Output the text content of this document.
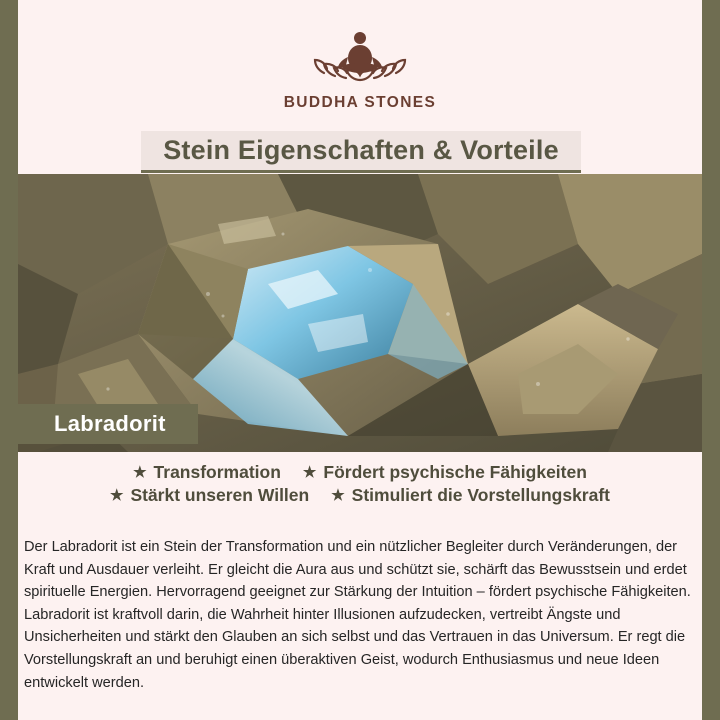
BUDDHA STONES
Stein Eigenschaften & Vorteile
Labradorit
★ Transformation ★ Fördert psychische Fähigkeiten
★ Stärkt unseren Willen ★ Stimuliert die Vorstellungskraft

Der Labradorit ist ein Stein der Transformation und ein nützlicher Begleiter durch Veränderungen, der Kraft und Ausdauer verleiht. Er gleicht die Aura aus und schützt sie, schärft das Bewusstsein und erdet spirituelle Energien. Hervorragend geeignet zur Stärkung der Intuition – fördert psychische Fähigkeiten. Labradorit ist kraftvoll darin, die Wahrheit hinter Illusionen aufzudecken, vertreibt Ängste und Unsicherheiten und stärkt den Glauben an sich selbst und das Vertrauen in das Universum. Er regt die Vorstellungskraft an und beruhigt einen überaktiven Geist, wodurch Enthusiasmus und neue Ideen entwickelt werden.
